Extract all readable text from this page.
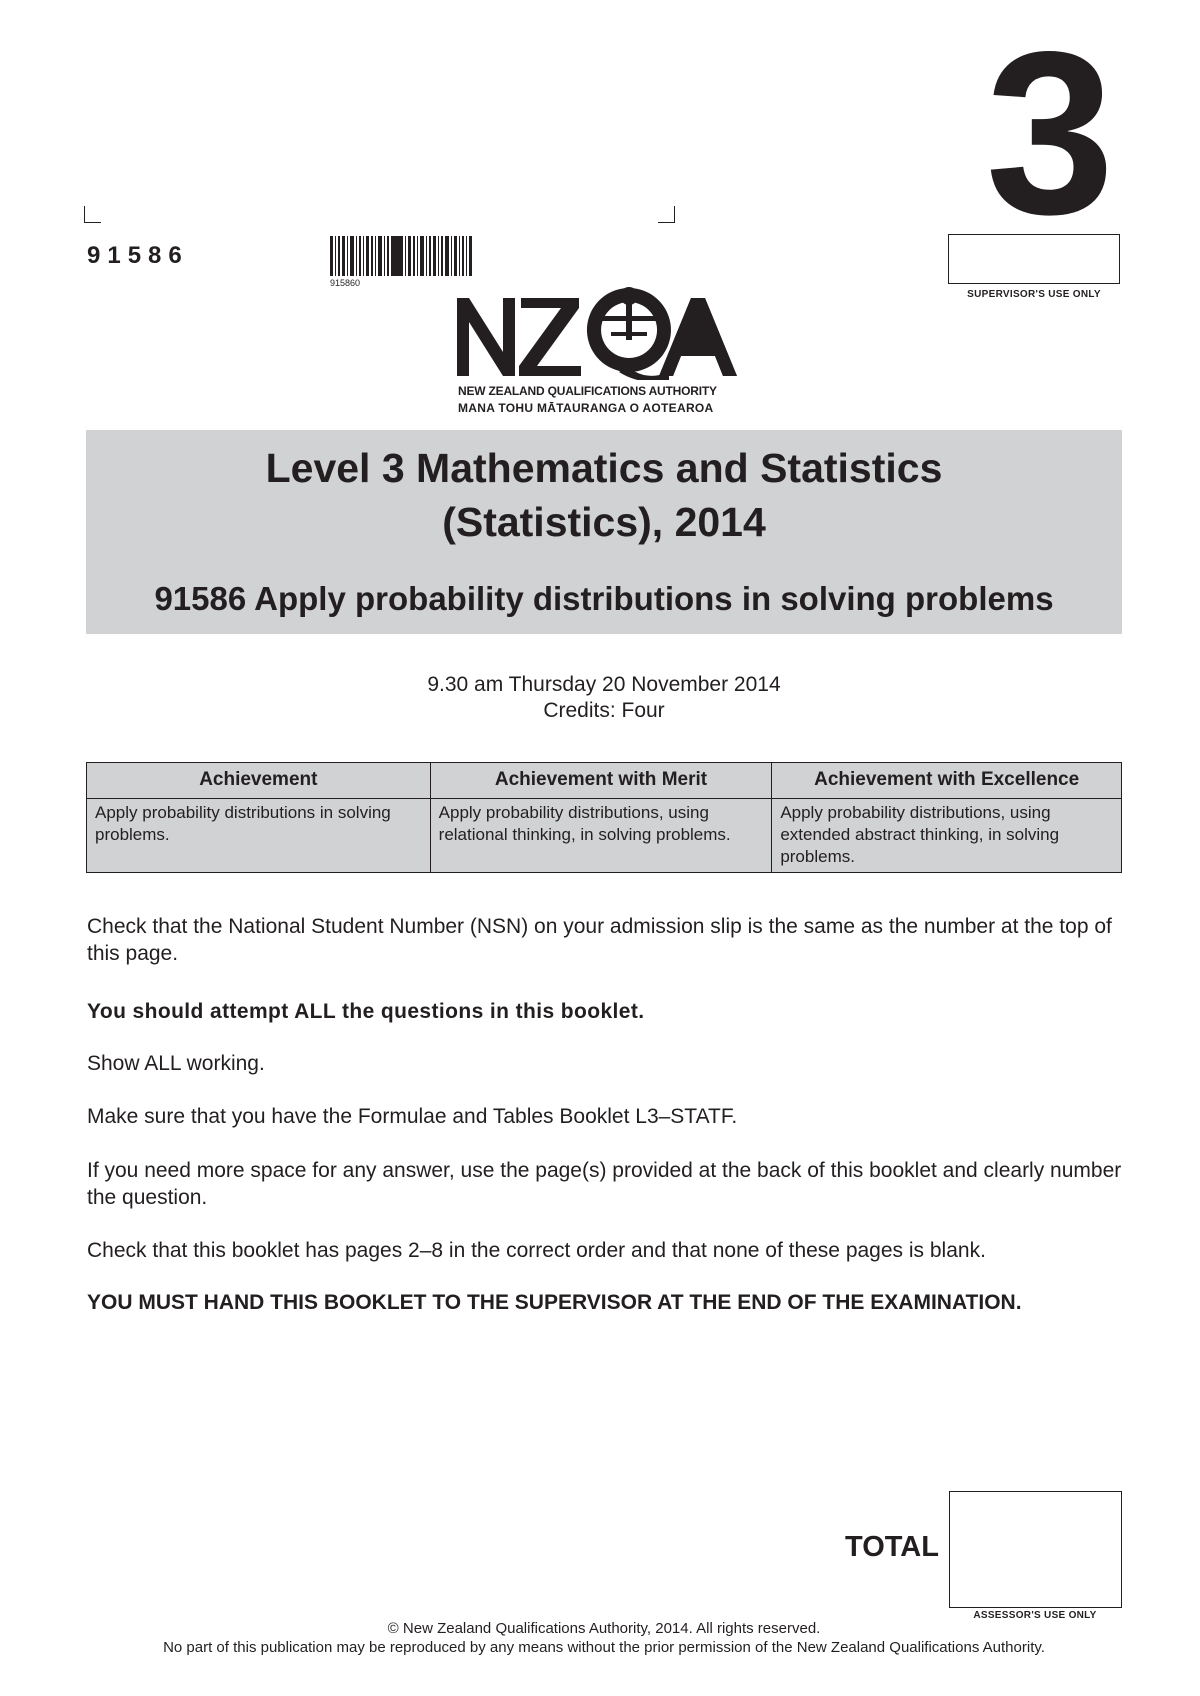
3
SUPERVISOR'S USE ONLY
91586
915860
NEW ZEALAND QUALIFICATIONS AUTHORITY
MANA TOHU MĀTAURANGA O AOTEAROA
Level 3 Mathematics and Statistics
(Statistics), 2014
91586 Apply probability distributions in solving problems
9.30 am Thursday 20 November 2014
Credits: Four
Achievement	Achievement with Merit	Achievement with Excellence
Apply probability distributions in solving problems.	Apply probability distributions, using relational thinking, in solving problems.	Apply probability distributions, using extended abstract thinking, in solving problems.
Check that the National Student Number (NSN) on your admission slip is the same as the number at the top of this page.
You should attempt ALL the questions in this booklet.
Show ALL working.
Make sure that you have the Formulae and Tables Booklet L3–STATF.
If you need more space for any answer, use the page(s) provided at the back of this booklet and clearly number the question.
Check that this booklet has pages 2–8 in the correct order and that none of these pages is blank.
YOU MUST HAND THIS BOOKLET TO THE SUPERVISOR AT THE END OF THE EXAMINATION.
TOTAL
ASSESSOR'S USE ONLY
© New Zealand Qualifications Authority, 2014. All rights reserved.
No part of this publication may be reproduced by any means without the prior permission of the New Zealand Qualifications Authority.
